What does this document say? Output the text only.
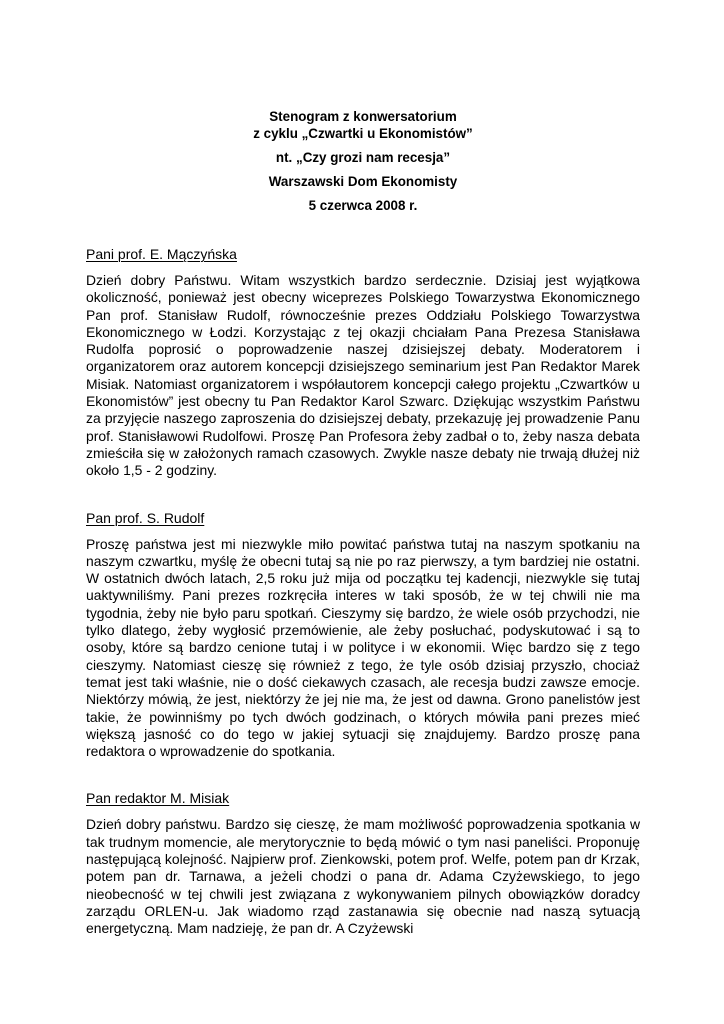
Stenogram z konwersatorium
z cyklu „Czwartki u Ekonomistów”
nt. „Czy grozi nam recesja”
Warszawski Dom Ekonomisty
5 czerwca 2008 r.
Pani prof. E. Mączyńska
Dzień dobry Państwu. Witam wszystkich bardzo serdecznie. Dzisiaj jest wyjątkowa okoliczność, ponieważ jest obecny wiceprezes Polskiego Towarzystwa Ekonomicznego Pan prof. Stanisław Rudolf, równocześnie prezes Oddziału Polskiego Towarzystwa Ekonomicznego w Łodzi. Korzystając z tej okazji chciałam Pana Prezesa Stanisława Rudolfa poprosić o poprowadzenie naszej dzisiejszej debaty. Moderatorem i organizatorem oraz autorem koncepcji dzisiejszego seminarium jest Pan Redaktor Marek Misiak. Natomiast organizatorem i współautorem koncepcji całego projektu „Czwartków u Ekonomistów” jest obecny tu Pan Redaktor Karol Szwarc. Dziękując wszystkim Państwu za przyjęcie naszego zaproszenia do dzisiejszej debaty, przekazuję jej prowadzenie Panu prof. Stanisławowi Rudolfowi. Proszę Pan Profesora żeby zadbał o to, żeby nasza debata zmieściła się w założonych ramach czasowych. Zwykle nasze debaty nie trwają dłużej niż około 1,5 - 2 godziny.
Pan prof. S. Rudolf
Proszę państwa jest mi niezwykle miło powitać państwa tutaj na naszym spotkaniu na naszym czwartku, myślę że obecni tutaj są nie po raz pierwszy, a tym bardziej nie ostatni. W ostatnich dwóch latach, 2,5 roku już mija od początku tej kadencji, niezwykle się tutaj uaktywniliśmy. Pani prezes rozkręciła interes w taki sposób, że w tej chwili nie ma tygodnia, żeby nie było paru spotkań. Cieszymy się bardzo, że wiele osób przychodzi, nie tylko dlatego, żeby wygłosić przemówienie, ale żeby posłuchać, podyskutować i są to osoby, które są bardzo cenione tutaj i w polityce i w ekonomii. Więc bardzo się z tego cieszymy. Natomiast cieszę się również z tego, że tyle osób dzisiaj przyszło, chociaż temat jest taki właśnie, nie o dość ciekawych czasach, ale recesja budzi zawsze emocje. Niektórzy mówią, że jest, niektórzy że jej nie ma, że jest od dawna. Grono panelistów jest takie, że powinniśmy po tych dwóch godzinach, o których mówiła pani prezes mieć większą jasność co do tego w jakiej sytuacji się znajdujemy. Bardzo proszę pana redaktora o wprowadzenie do spotkania.
Pan redaktor M. Misiak
Dzień dobry państwu. Bardzo się cieszę, że mam możliwość poprowadzenia spotkania w tak trudnym momencie, ale merytorycznie to będą mówić o tym nasi paneliści. Proponuję następującą kolejność. Najpierw prof. Zienkowski, potem prof. Welfe, potem pan dr Krzak, potem pan dr. Tarnawa, a jeżeli chodzi o pana dr. Adama Czyżewskiego, to jego nieobecność w tej chwili jest związana z wykonywaniem pilnych obowiązków doradcy zarządu ORLEN-u. Jak wiadomo rząd zastanawia się obecnie nad naszą sytuacją energetyczną. Mam nadzieję, że pan dr. A Czyżewski
